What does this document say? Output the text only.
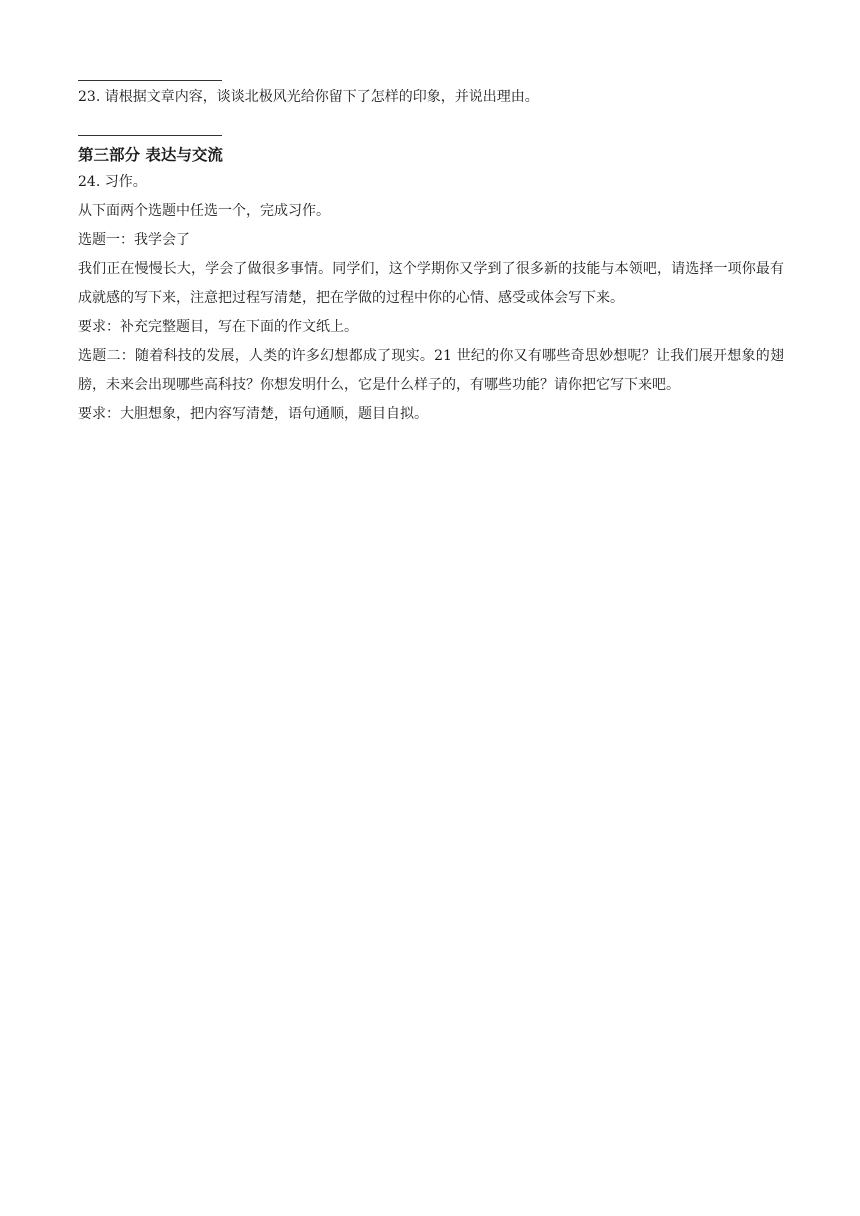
23. 请根据文章内容，谈谈北极风光给你留下了怎样的印象，并说出理由。
第三部分 表达与交流

24. 习作。

从下面两个选题中任选一个，完成习作。

选题一：我学会了

我们正在慢慢长大，学会了做很多事情。同学们，这个学期你又学到了很多新的技能与本领吧，请选择一项你最有成就感的写下来，注意把过程写清楚，把在学做的过程中你的心情、感受或体会写下来。

要求：补充完整题目，写在下面的作文纸上。

选题二：随着科技的发展，人类的许多幻想都成了现实。21 世纪的你又有哪些奇思妙想呢？让我们展开想象的翅膀，未来会出现哪些高科技？你想发明什么，它是什么样子的，有哪些功能？请你把它写下来吧。

要求：大胆想象，把内容写清楚，语句通顺，题目自拟。
